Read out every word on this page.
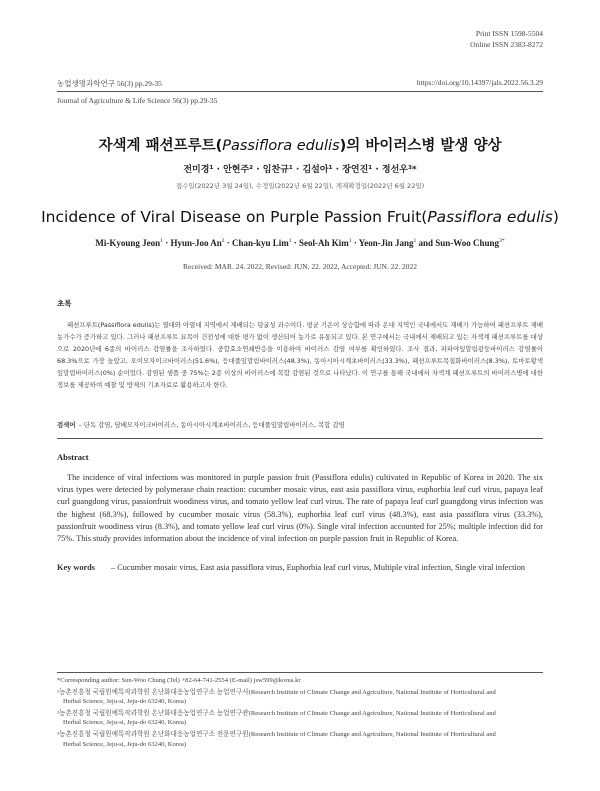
Print ISSN 1598-5504
Online ISSN 2383-8272
농업생명과학연구 56(3) pp.29-35	https://doi.org/10.14397/jals.2022.56.3.29
Journal of Agriculture & Life Science 56(3) pp.29-35
자색계 패션프루트(Passiflora edulis)의 바이러스병 발생 양상
전미경¹ · 안현주² · 임찬규¹ · 김설아¹ · 장연진¹ · 정선우³*
접수일(2022년 3월 24일), 수정일(2022년 6월 22일), 게재확정일(2022년 6월 22일)
Incidence of Viral Disease on Purple Passion Fruit(Passiflora edulis)
Mi-Kyoung Jeon$^1$ · Hyun-Joo $An^2$ · Chan-kyu Lim$^1$ · Seol-Ah Kim$^1$ · Yeon-Jin Jang$^1$ and Sun-Woo Chung$^{3*}$
Received: MAR. 24. 2022, Revised: JUN. 22. 2022, Accepted: JUN. 22. 2022
초록
패션프루트(Passiflora edulis)는 열대와 아열대 지역에서 재배되는 덩굴성 과수이다. 평균 기온이 상승함에 따라 온대 지역인 국내에서도 재배가 가능하여 패션프루트 재배 농가수가 증가하고 있다. 그러나 패션프루트 묘목이 건전성에 대한 평가 없이 생산되어 농가로 유통되고 있다. 본 연구에서는 국내에서 재배되고 있는 자색계 패션프루트를 대상으로 2020년에 6종의 바이러스 감염률을 조사하였다. 중합효소연쇄반응을 이용하여 바이러스 감염 여부를 확인하였다. 조사 결과, 파파야잎말림광둥바이러스 감염률이 68.3%으로 가장 높았고, 오이모자이크바이러스(51.6%), 등대풀잎말림바이러스(48.3%), 동아시아시계초바이러스(33.3%), 패션프루트목질화바이러스(8.3%), 토마토황색잎말림바이러스(0%) 순이었다. 감염된 샘플 중 75%는 2종 이상의 바이러스에 복합 감염된 것으로 나타났다. 이 연구를 통해 국내에서 자색계 패션프루트의 바이러스병에 대한 정보를 제공하여 예찰 및 방제의 기초자료로 활용하고자 한다.
검색어 – 단독 감염, 담배모자이크바이러스, 동아시아시계초바이러스, 등대풀잎말림바이러스, 복합 감염
Abstract
The incidence of viral infections was monitored in purple passion fruit (Passiflora edulis) cultivated in Republic of Korea in 2020. The six virus types were detected by polymerase chain reaction: cucumber mosaic virus, east asia passiflora virus, euphorbia leaf curl virus, papaya leaf curl guangdong virus, passionfruit woodiness virus, and tomato yellow leaf curl virus. The rate of papaya leaf curl guangdong virus infection was the highest (68.3%), followed by cucumber mosaic virus (58.3%), euphorbia leaf curl virus (48.3%), east asia passiflora virus (33.3%), passionfruit woodiness virus (8.3%), and tomato yellow leaf curl virus (0%). Single viral infection accounted for 25%; multiple infection did for 75%. This study provides information about the incidence of viral infection on purple passion fruit in Republic of Korea.
Key words – Cucumber mosaic virus, East asia passiflora virus, Euphorbia leaf curl virus, Multiple viral infection, Single viral infection
*Corresponding author: Sun-Woo Chung (Tel) +82-64-741-2554 (E-mail) jsw599@korea.kr
¹농촌진흥청 국립원예특작과학원 온난화대응농업연구소 농업연구사(Research Institute of Climate Change and Agriculture, National Institute of Horticultural and
Herbal Science, Jeju-si, Jeju-do 63240, Korea)
²농촌진흥청 국립원예특작과학원 온난화대응농업연구소 농업연구관(Research Institute of Climate Change and Agriculture, National Institute of Horticultural and
Herbal Science, Jeju-si, Jeju-do 63240, Korea)
³농촌진흥청 국립원예특작과학원 온난화대응농업연구소 전문연구원(Research Institute of Climate Change and Agriculture, National Institute of Horticultural and
Herbal Science, Jeju-si, Jeju-do 63240, Korea)
